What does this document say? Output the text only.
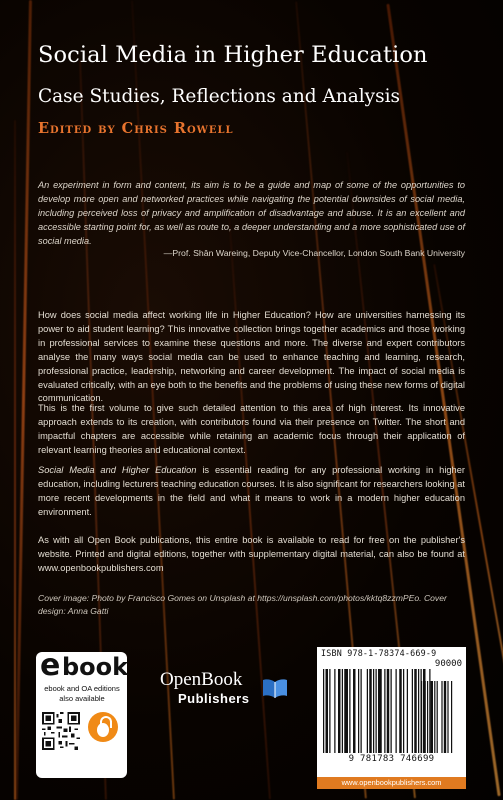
Social Media in Higher Education
Case Studies, Reflections and Analysis
Edited by Chris Rowell
An experiment in form and content, its aim is to be a guide and map of some of the opportunities to develop more open and networked practices while navigating the potential downsides of social media, including perceived loss of privacy and amplification of disadvantage and abuse. It is an excellent and accessible starting point for, as well as route to, a deeper understanding and a more sophisticated use of social media.
—Prof. Shân Wareing, Deputy Vice-Chancellor, London South Bank University
How does social media affect working life in Higher Education? How are universities harnessing its power to aid student learning? This innovative collection brings together academics and those working in professional services to examine these questions and more. The diverse and expert contributors analyse the many ways social media can be used to enhance teaching and learning, research, professional practice, leadership, networking and career development. The impact of social media is evaluated critically, with an eye both to the benefits and the problems of using these new forms of digital communication.
This is the first volume to give such detailed attention to this area of high interest. Its innovative approach extends to its creation, with contributors found via their presence on Twitter. The short and impactful chapters are accessible while retaining an academic focus through their application of relevant learning theories and educational context.
Social Media and Higher Education is essential reading for any professional working in higher education, including lecturers teaching education courses. It is also significant for researchers looking at more recent developments in the field and what it means to work in a modern higher education environment.
As with all Open Book publications, this entire book is available to read for free on the publisher's website. Printed and digital editions, together with supplementary digital material, can also be found at www.openbookpublishers.com
Cover image: Photo by Francisco Gomes on Unsplash at https://unsplash.com/photos/kktq8zzmPEo. Cover design: Anna Gatti
e book
ebook and OA editions also available
OpenBook
Publishers
ISBN 978-1-78374-669-9
90000
9 781783 746699
www.openbookpublishers.com
